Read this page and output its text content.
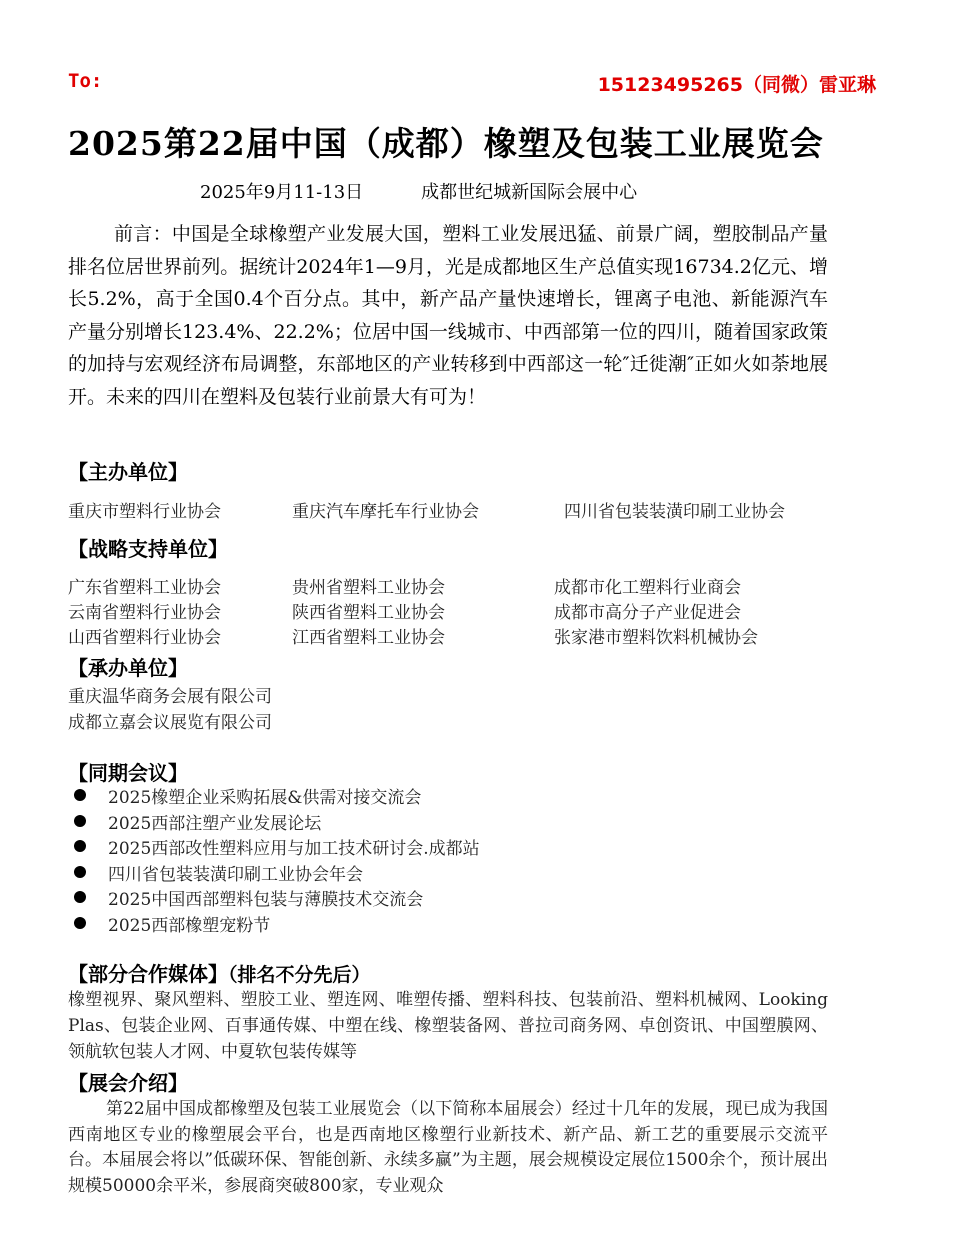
To:	15123495265（同微）雷亚琳
2025第22届中国（成都）橡塑及包装工业展览会
2025年9月11-13日	成都世纪城新国际会展中心

前言：中国是全球橡塑产业发展大国，塑料工业发展迅猛、前景广阔，塑胶制品产量排名位居世界前列。据统计2024年1—9月，光是成都地区生产总值实现16734.2亿元、增长5.2%，高于全国0.4个百分点。其中，新产品产量快速增长，锂离子电池、新能源汽车产量分别增长123.4%、22.2%；位居中国一线城市、中西部第一位的四川，随着国家政策的加持与宏观经济布局调整，东部地区的产业转移到中西部这一轮″迁徙潮″正如火如荼地展开。未来的四川在塑料及包装行业前景大有可为！

【主办单位】
重庆市塑料行业协会	重庆汽车摩托车行业协会	四川省包装装潢印刷工业协会
【战略支持单位】
广东省塑料工业协会	贵州省塑料工业协会	成都市化工塑料行业商会
云南省塑料行业协会	陕西省塑料工业协会	成都市高分子产业促进会
山西省塑料行业协会	江西省塑料工业协会	张家港市塑料饮料机械协会
【承办单位】
重庆温华商务会展有限公司
成都立嘉会议展览有限公司
【同期会议】
2025橡塑企业采购拓展&供需对接交流会
2025西部注塑产业发展论坛
2025西部改性塑料应用与加工技术研讨会.成都站
四川省包装装潢印刷工业协会年会
2025中国西部塑料包装与薄膜技术交流会
2025西部橡塑宠粉节
【部分合作媒体】（排名不分先后）

橡塑视界、聚风塑料、塑胶工业、塑连网、唯塑传播、塑料科技、包装前沿、塑料机械网、LookingPlas、包装企业网、百事通传媒、中塑在线、橡塑装备网、普拉司商务网、卓创资讯、中国塑膜网、领航软包装人才网、中夏软包装传媒等

【展会介绍】

第22届中国成都橡塑及包装工业展览会（以下简称本届展会）经过十几年的发展，现已成为我国西南地区专业的橡塑展会平台，也是西南地区橡塑行业新技术、新产品、新工艺的重要展示交流平台。本届展会将以”低碳环保、智能创新、永续多赢”为主题，展会规模设定展位1500余个，预计展出规模50000余平米，参展商突破800家，专业观众
